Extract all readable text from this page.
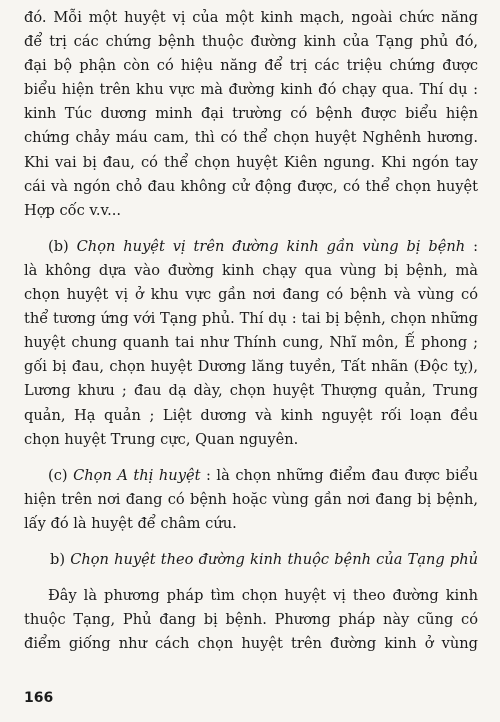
đó. Mỗi một huyệt vị của một kinh mạch, ngoài chức năng
để trị các chứng bệnh thuộc đường kinh của Tạng phủ đó,
đại bộ phận còn có hiệu năng để trị các triệu chứng được
biểu hiện trên khu vực mà đường kinh đó chạy qua. Thí dụ :
kinh Túc dương minh đại trường có bệnh được biểu hiện
chứng chảy máu cam, thì có thể chọn huyệt Nghênh hương.
Khi vai bị đau, có thể chọn huyệt Kiên ngung. Khi ngón tay
cái và ngón chỏ đau không cử động được, có thể chọn huyệt
Hợp cốc v.v...
(b) Chọn huyệt vị trên đường kinh gần vùng bị bệnh :
là không dựa vào đường kinh chạy qua vùng bị bệnh, mà
chọn huyệt vị ở khu vực gần nơi đang có bệnh và vùng có
thể tương ứng với Tạng phủ. Thí dụ : tai bị bệnh, chọn những
huyệt chung quanh tai như Thính cung, Nhĩ môn, Ế phong ;
gối bị đau, chọn huyệt Dương lăng tuyền, Tất nhãn (Độc tỵ),
Lương khưu ; đau dạ dày, chọn huyệt Thượng quản, Trung
quản, Hạ quản ; Liệt dương và kinh nguyệt rối loạn đều
chọn huyệt Trung cực, Quan nguyên.
(c) Chọn A thị huyệt : là chọn những điểm đau được biểu
hiện trên nơi đang có bệnh hoặc vùng gần nơi đang bị bệnh,
lấy đó là huyệt để châm cứu.
b) Chọn huyệt theo đường kinh thuộc bệnh của Tạng phủ
Đây là phương pháp tìm chọn huyệt vị theo đường kinh
thuộc Tạng, Phủ đang bị bệnh. Phương pháp này cũng có
điểm giống như cách chọn huyệt trên đường kinh ở vùng
166
